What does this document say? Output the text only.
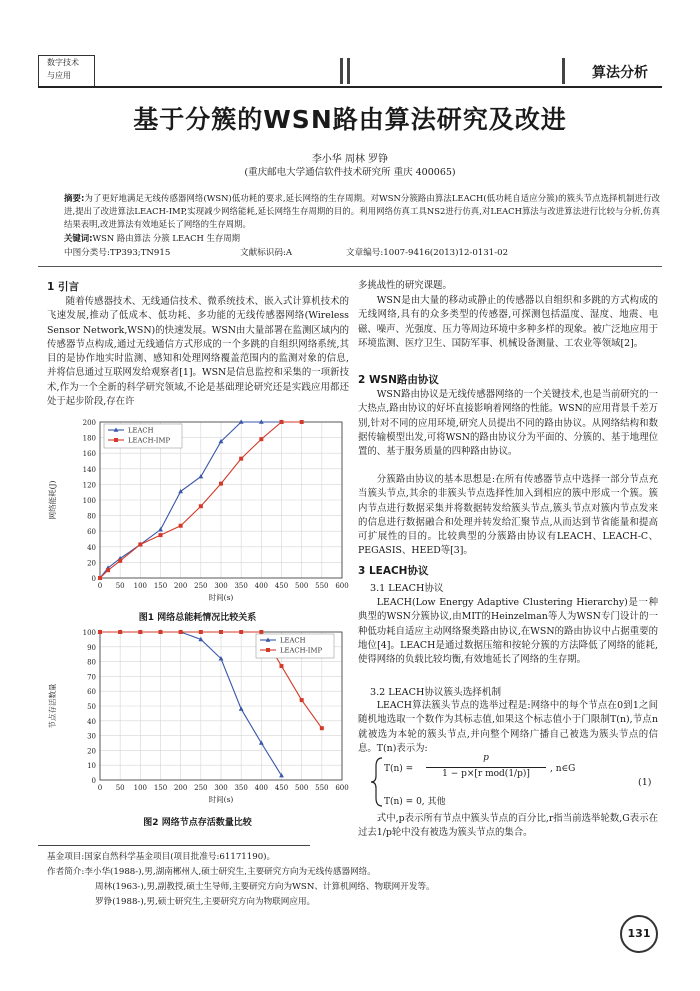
数字技术
与应用	算法分析
基于分簇的WSN路由算法研究及改进
李小华 周林 罗铮
(重庆邮电大学通信软件技术研究所 重庆 400065)
摘要:为了更好地满足无线传感器网络(WSN)低功耗的要求,延长网络的生存周期。对WSN分簇路由算法LEACH(低功耗自适应分簇)的簇头节点选择机制进行改进,提出了改进算法LEACH-IMP,实现减少网络能耗,延长网络生存周期的目的。利用网络仿真工具NS2进行仿真,对LEACH算法与改进算法进行比较与分析,仿真结果表明,改进算法有效地延长了网络的生存周期。
关键词:WSN 路由算法 分簇 LEACH 生存周期
中图分类号:TP393;TN915	文献标识码:A	文章编号:1007-9416(2013)12-0131-02
1 引言
随着传感器技术、无线通信技术、微系统技术、嵌入式计算机技术的飞速发展,推动了低成本、低功耗、多功能的无线传感器网络(Wireless Sensor Network,WSN)的快速发展。WSN由大量部署在监测区域内的传感器节点构成,通过无线通信方式形成的一个多跳的自组织网络系统,其目的是协作地实时监测、感知和处理网络覆盖范围内的监测对象的信息,并将信息通过互联网发给观察者[1]。WSN是信息监控和采集的一项新技术,作为一个全新的科学研究领域,不论是基础理论研究还是实践应用都还处于起步阶段,存在许
0
20
40
60
80
100
120
140
160
180
200
0 50 100 150 200 250 300 350 400 450 500 550 600
时间(s)
网络能耗(J)
LEACH
LEACH-IMP
图1 网络总能耗情况比较关系
0
10
20
30
40
50
60
70
80
90
100
0 50 100 150 200 250 300 350 400 450 500 550 600
时间(s)
节点存活数量
LEACH
LEACH-IMP
图2 网络节点存活数量比较
多挑战性的研究课题。
WSN是由大量的移动或静止的传感器以自组织和多跳的方式构成的无线网络,具有的众多类型的传感器,可探测包括温度、湿度、地震、电磁、噪声、光强度、压力等周边环境中多种多样的现象。被广泛地应用于环境监测、医疗卫生、国防军事、机械设备测量、工农业等领域[2]。
2 WSN路由协议
WSN路由协议是无线传感器网络的一个关键技术,也是当前研究的一大热点,路由协议的好坏直接影响着网络的性能。WSN的应用背景千差万别,针对不同的应用环境,研究人员提出不同的路由协议。从网络结构和数据传输模型出发,可将WSN的路由协议分为平面的、分簇的、基于地理位置的、基于服务质量的四种路由协议。
分簇路由协议的基本思想是:在所有传感器节点中选择一部分节点充当簇头节点,其余的非簇头节点选择性加入到相应的簇中形成一个簇。簇内节点进行数据采集并将数据转发给簇头节点,簇头节点对簇内节点发来的信息进行数据融合和处理并转发给汇聚节点,从而达到节省能量和提高可扩展性的目的。比较典型的分簇路由协议有LEACH、LEACH-C、PEGASIS、HEED等[3]。
3 LEACH协议
3.1 LEACH协议
LEACH(Low Energy Adaptive Clustering Hierarchy)是一种典型的WSN分簇协议,由MIT的Heinzelman等人为WSN专门设计的一种低功耗自适应主动网络聚类路由协议,在WSN的路由协议中占据重要的地位[4]。LEACH是通过数据压缩和按轮分簇的方法降低了网络的能耗,使得网络的负载比较均衡,有效地延长了网络的生存期。
3.2 LEACH协议簇头选择机制
LEACH算法簇头节点的选举过程是:网络中的每个节点在0到1之间随机地选取一个数作为其标志值,如果这个标志值小于门限制T(n),节点n就被选为本轮的簇头节点,并向整个网络广播自己被选为簇头节点的信息。T(n)表示为:
T(n) =
p
1 − p×[r mod(1/p)]	, n∈G
T(n) = 0, 其他
(1)
式中,p表示所有节点中簇头节点的百分比,r指当前选举轮数,G表示在过去1/p轮中没有被选为簇头节点的集合。
基金项目:国家自然科学基金项目(项目批准号:61171190)。
作者简介:李小华(1988-),男,湖南郴州人,硕士研究生,主要研究方向为无线传感器网络。
周林(1963-),男,副教授,硕士生导师,主要研究方向为WSN、计算机网络、物联网开发等。
罗铮(1988-),男,硕士研究生,主要研究方向为物联网应用。
131
